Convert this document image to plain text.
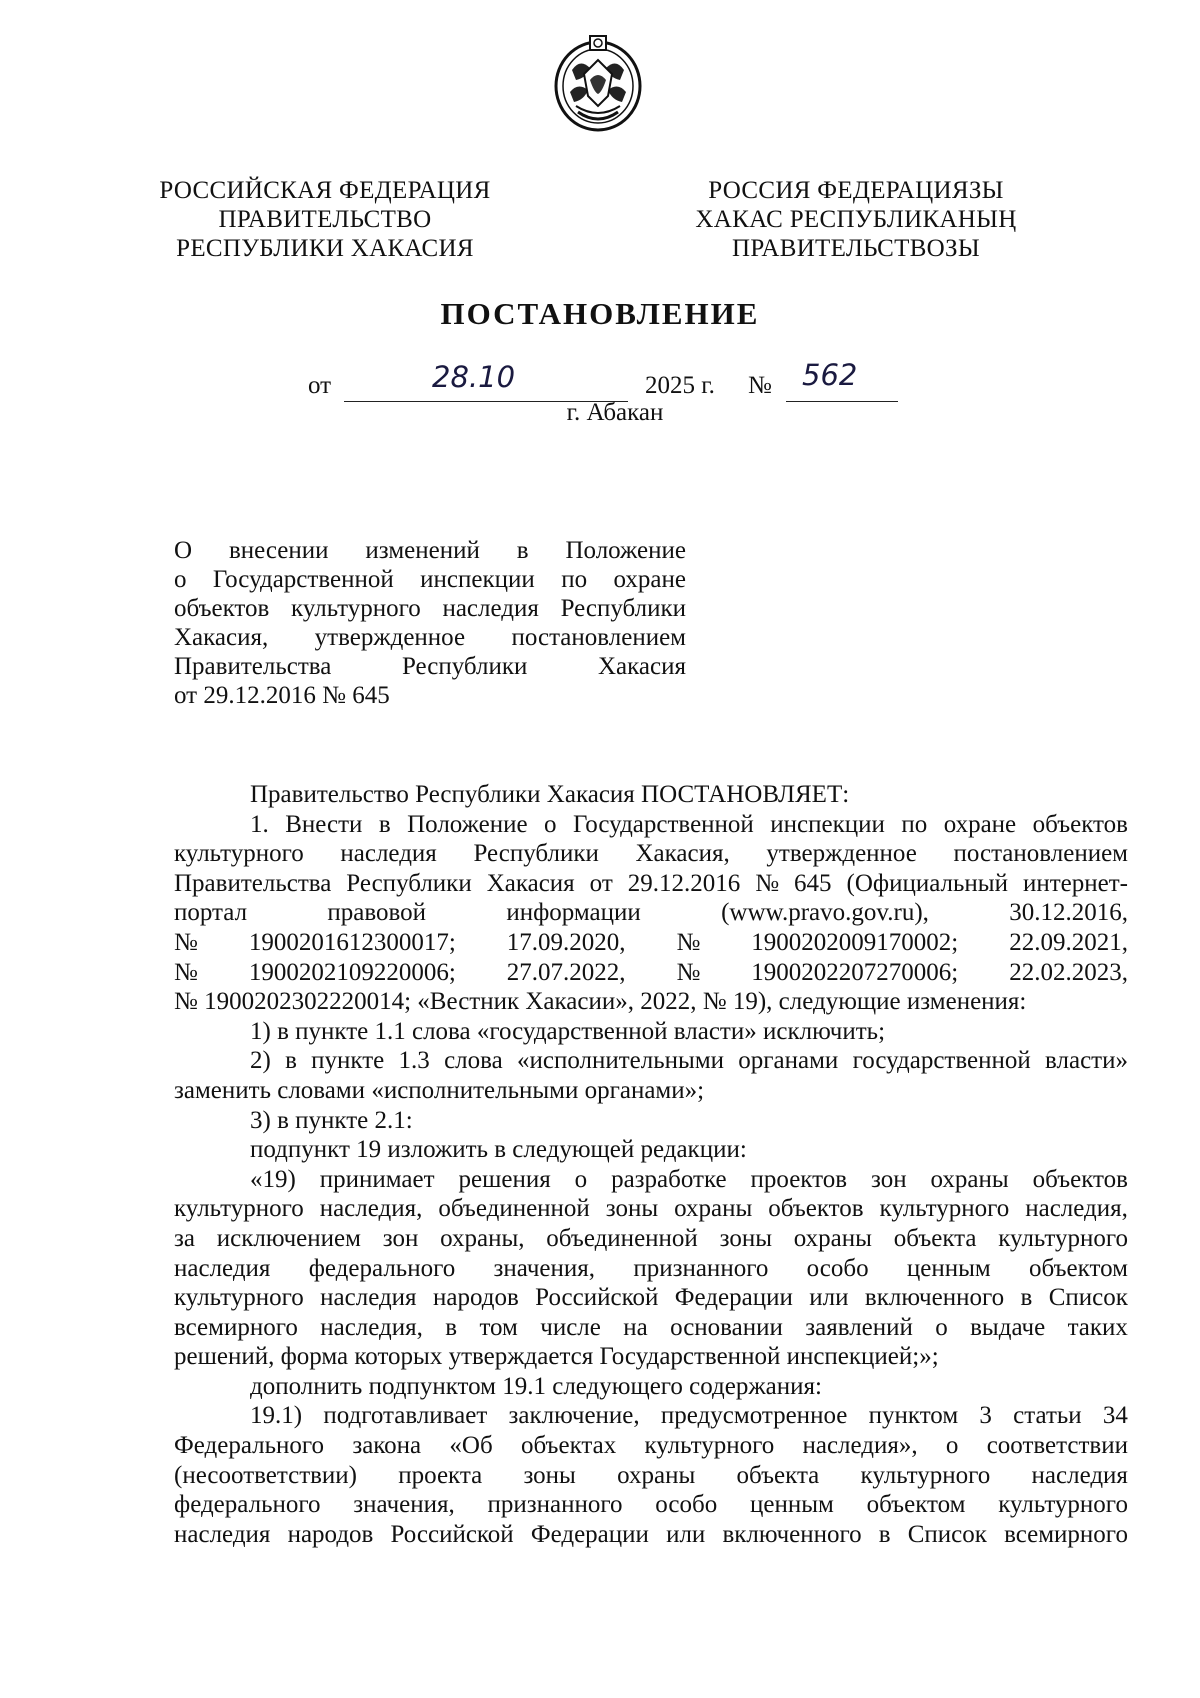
РОССИЙСКАЯ ФЕДЕРАЦИЯ
ПРАВИТЕЛЬСТВО
РЕСПУБЛИКИ ХАКАСИЯ
РОССИЯ ФЕДЕРАЦИЯЗЫ
ХАКАС РЕСПУБЛИКАНЫҢ
ПРАВИТЕЛЬСТВОЗЫ
ПОСТАНОВЛЕНИЕ
от	28.10	2025 г. № 562
г. Абакан
О внесении изменений в Положение
о Государственной инспекции по охране
объектов культурного наследия Республики
Хакасия, утвержденное постановлением
Правительства	Республики	Хакасия
от 29.12.2016 № 645
Правительство Республики Хакасия ПОСТАНОВЛЯЕТ:
1. Внести в Положение о Государственной инспекции по охране объектов
культурного наследия Республики Хакасия, утвержденное постановлением
Правительства Республики Хакасия от 29.12.2016 № 645 (Официальный интернет-
портал	правовой	информации	(www.pravo.gov.ru),	30.12.2016,
№ 1900201612300017; 17.09.2020, № 1900202009170002; 22.09.2021,
№ 1900202109220006; 27.07.2022, № 1900202207270006; 22.02.2023,
№ 1900202302220014; «Вестник Хакасии», 2022, № 19), следующие изменения:
1) в пункте 1.1 слова «государственной власти» исключить;
2) в пункте 1.3 слова «исполнительными органами государственной власти»
заменить словами «исполнительными органами»;
3) в пункте 2.1:
подпункт 19 изложить в следующей редакции:
«19) принимает решения о разработке проектов зон охраны объектов
культурного наследия, объединенной зоны охраны объектов культурного наследия,
за исключением зон охраны, объединенной зоны охраны объекта культурного
наследия федерального значения, признанного особо ценным объектом
культурного наследия народов Российской Федерации или включенного в Список
всемирного наследия, в том числе на основании заявлений о выдаче таких
решений, форма которых утверждается Государственной инспекцией;»;
дополнить подпунктом 19.1 следующего содержания:
19.1) подготавливает заключение, предусмотренное пунктом 3 статьи 34
Федерального закона «Об объектах культурного наследия», о соответствии
(несоответствии) проекта зоны охраны объекта культурного наследия
федерального значения, признанного особо ценным объектом культурного
наследия народов Российской Федерации или включенного в Список всемирного
